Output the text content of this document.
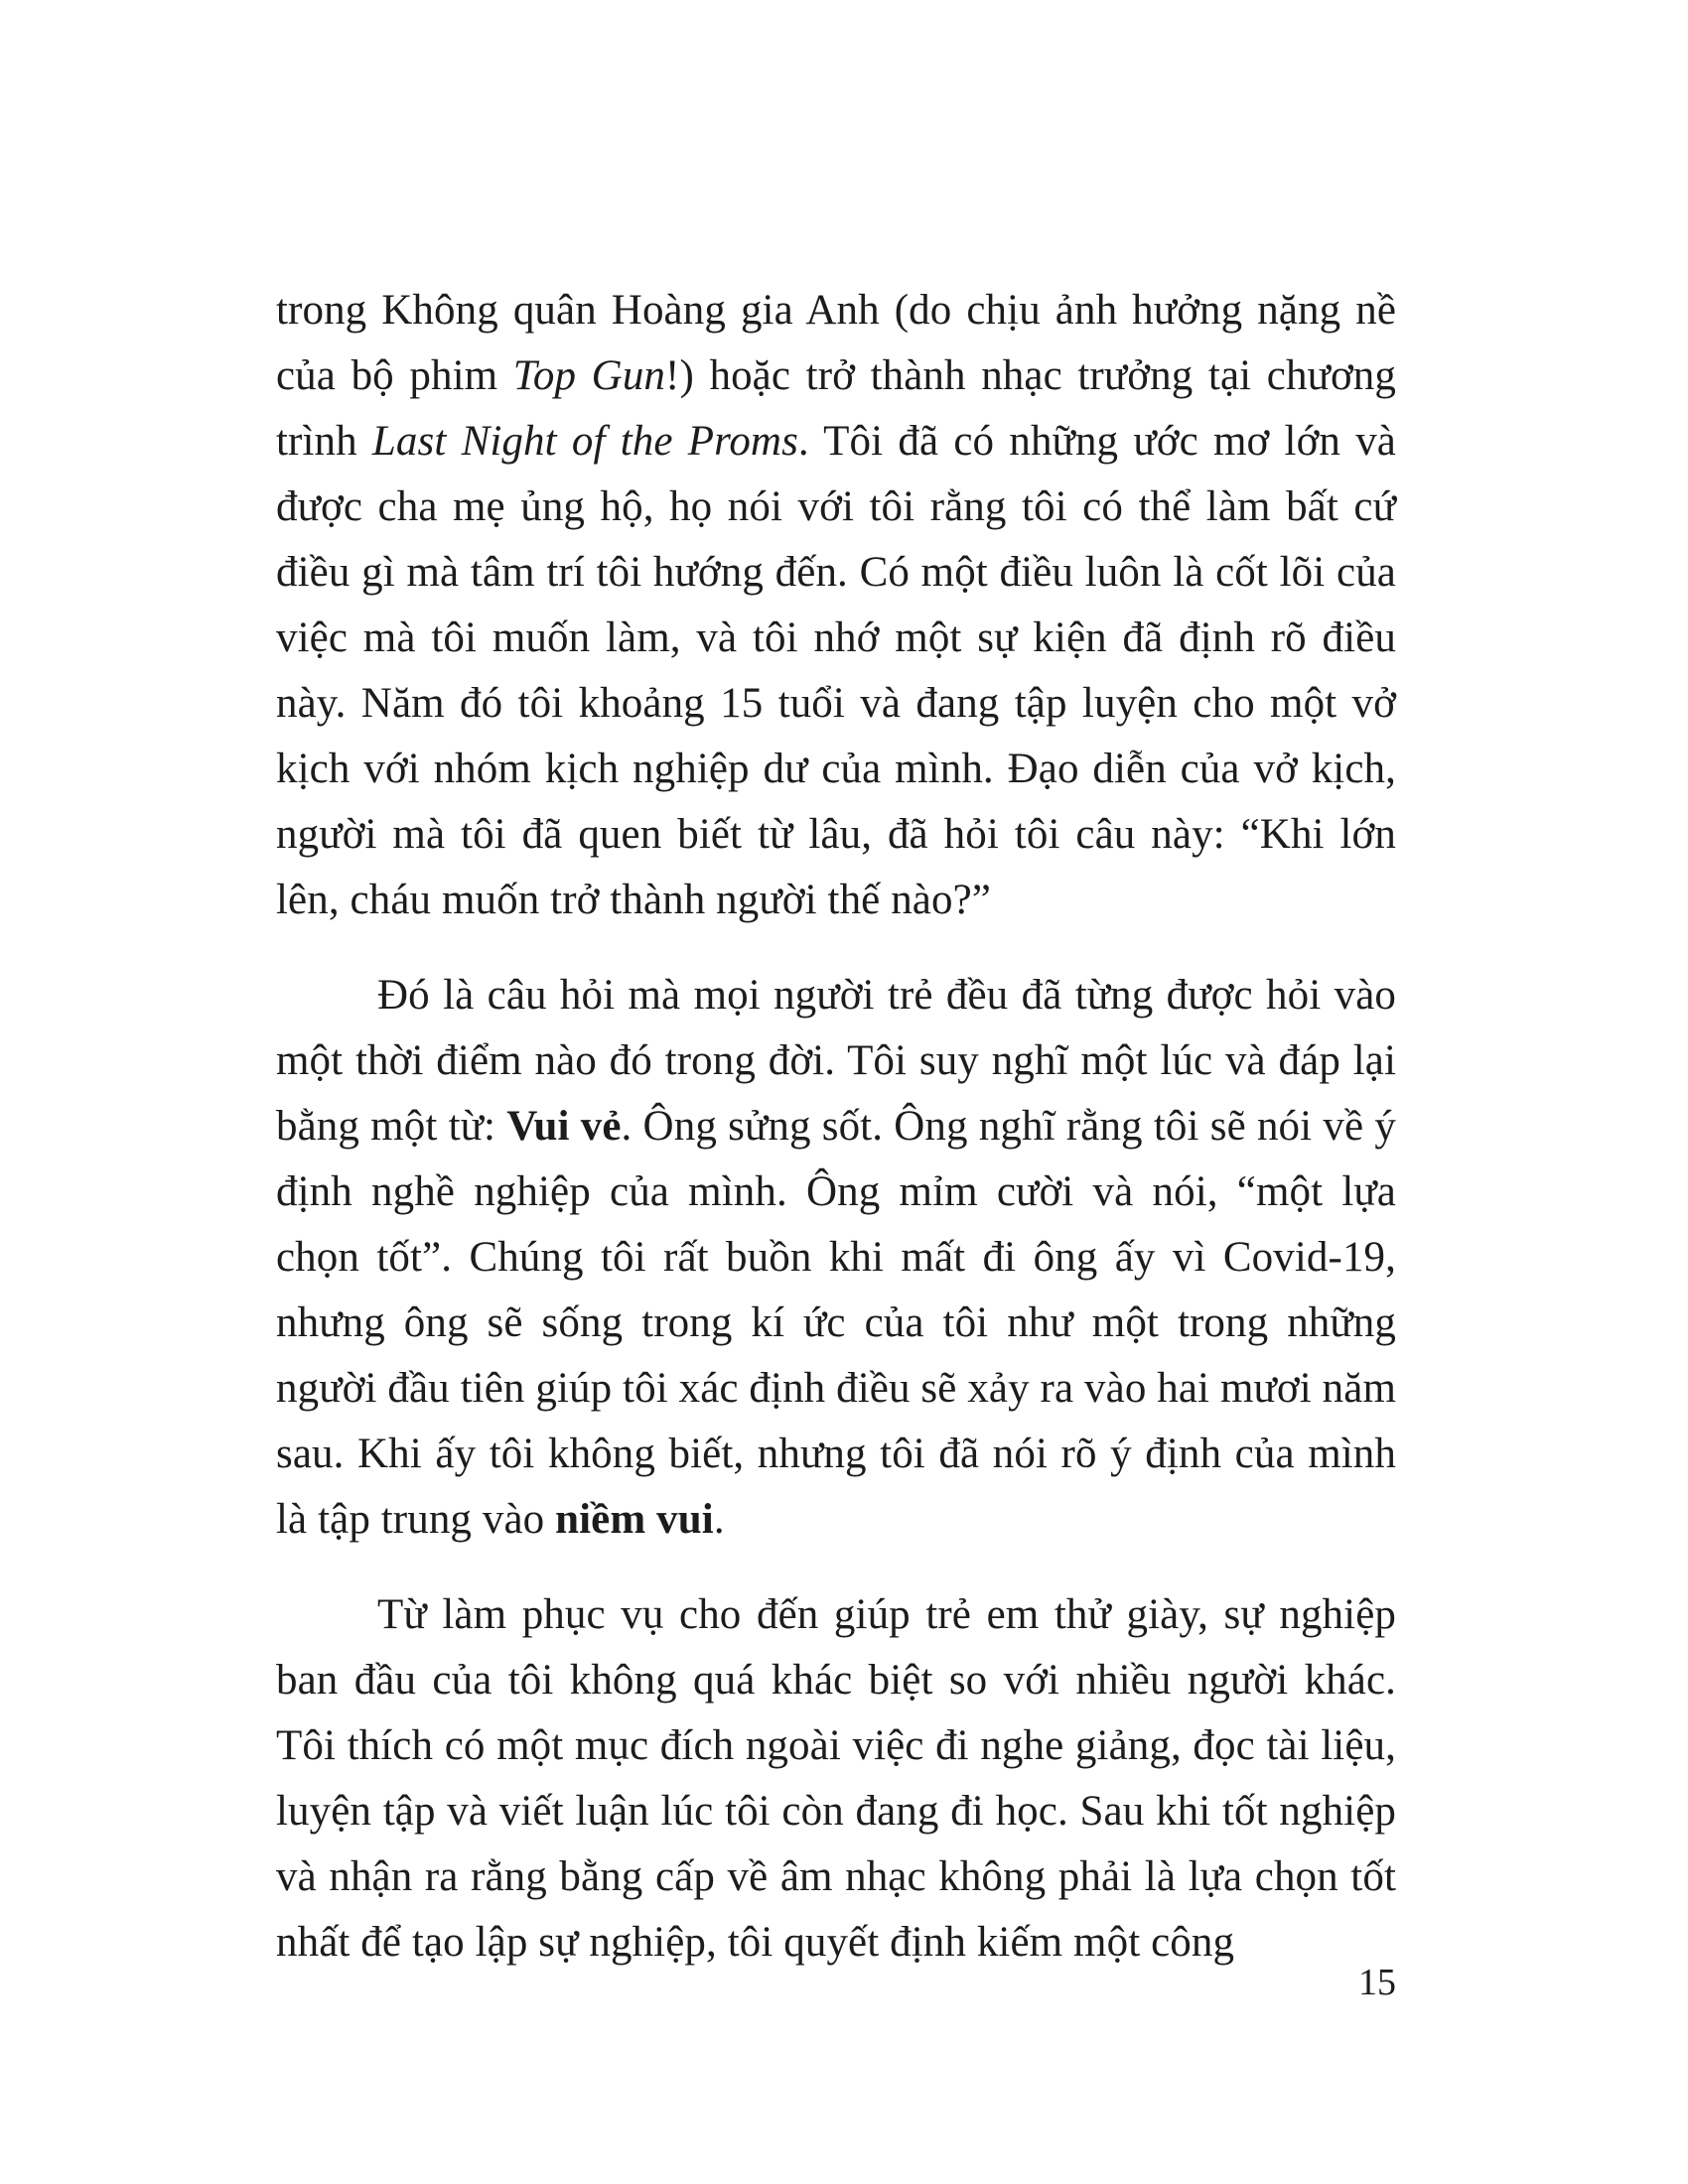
trong Không quân Hoàng gia Anh (do chịu ảnh hưởng nặng nề của bộ phim Top Gun!) hoặc trở thành nhạc trưởng tại chương trình Last Night of the Proms. Tôi đã có những ước mơ lớn và được cha mẹ ủng hộ, họ nói với tôi rằng tôi có thể làm bất cứ điều gì mà tâm trí tôi hướng đến. Có một điều luôn là cốt lõi của việc mà tôi muốn làm, và tôi nhớ một sự kiện đã định rõ điều này. Năm đó tôi khoảng 15 tuổi và đang tập luyện cho một vở kịch với nhóm kịch nghiệp dư của mình. Đạo diễn của vở kịch, người mà tôi đã quen biết từ lâu, đã hỏi tôi câu này: “Khi lớn lên, cháu muốn trở thành người thế nào?”

Đó là câu hỏi mà mọi người trẻ đều đã từng được hỏi vào một thời điểm nào đó trong đời. Tôi suy nghĩ một lúc và đáp lại bằng một từ: Vui vẻ. Ông sửng sốt. Ông nghĩ rằng tôi sẽ nói về ý định nghề nghiệp của mình. Ông mỉm cười và nói, “một lựa chọn tốt”. Chúng tôi rất buồn khi mất đi ông ấy vì Covid-19, nhưng ông sẽ sống trong kí ức của tôi như một trong những người đầu tiên giúp tôi xác định điều sẽ xảy ra vào hai mươi năm sau. Khi ấy tôi không biết, nhưng tôi đã nói rõ ý định của mình là tập trung vào niềm vui.

Từ làm phục vụ cho đến giúp trẻ em thử giày, sự nghiệp ban đầu của tôi không quá khác biệt so với nhiều người khác. Tôi thích có một mục đích ngoài việc đi nghe giảng, đọc tài liệu, luyện tập và viết luận lúc tôi còn đang đi học. Sau khi tốt nghiệp và nhận ra rằng bằng cấp về âm nhạc không phải là lựa chọn tốt nhất để tạo lập sự nghiệp, tôi quyết định kiếm một công

15
